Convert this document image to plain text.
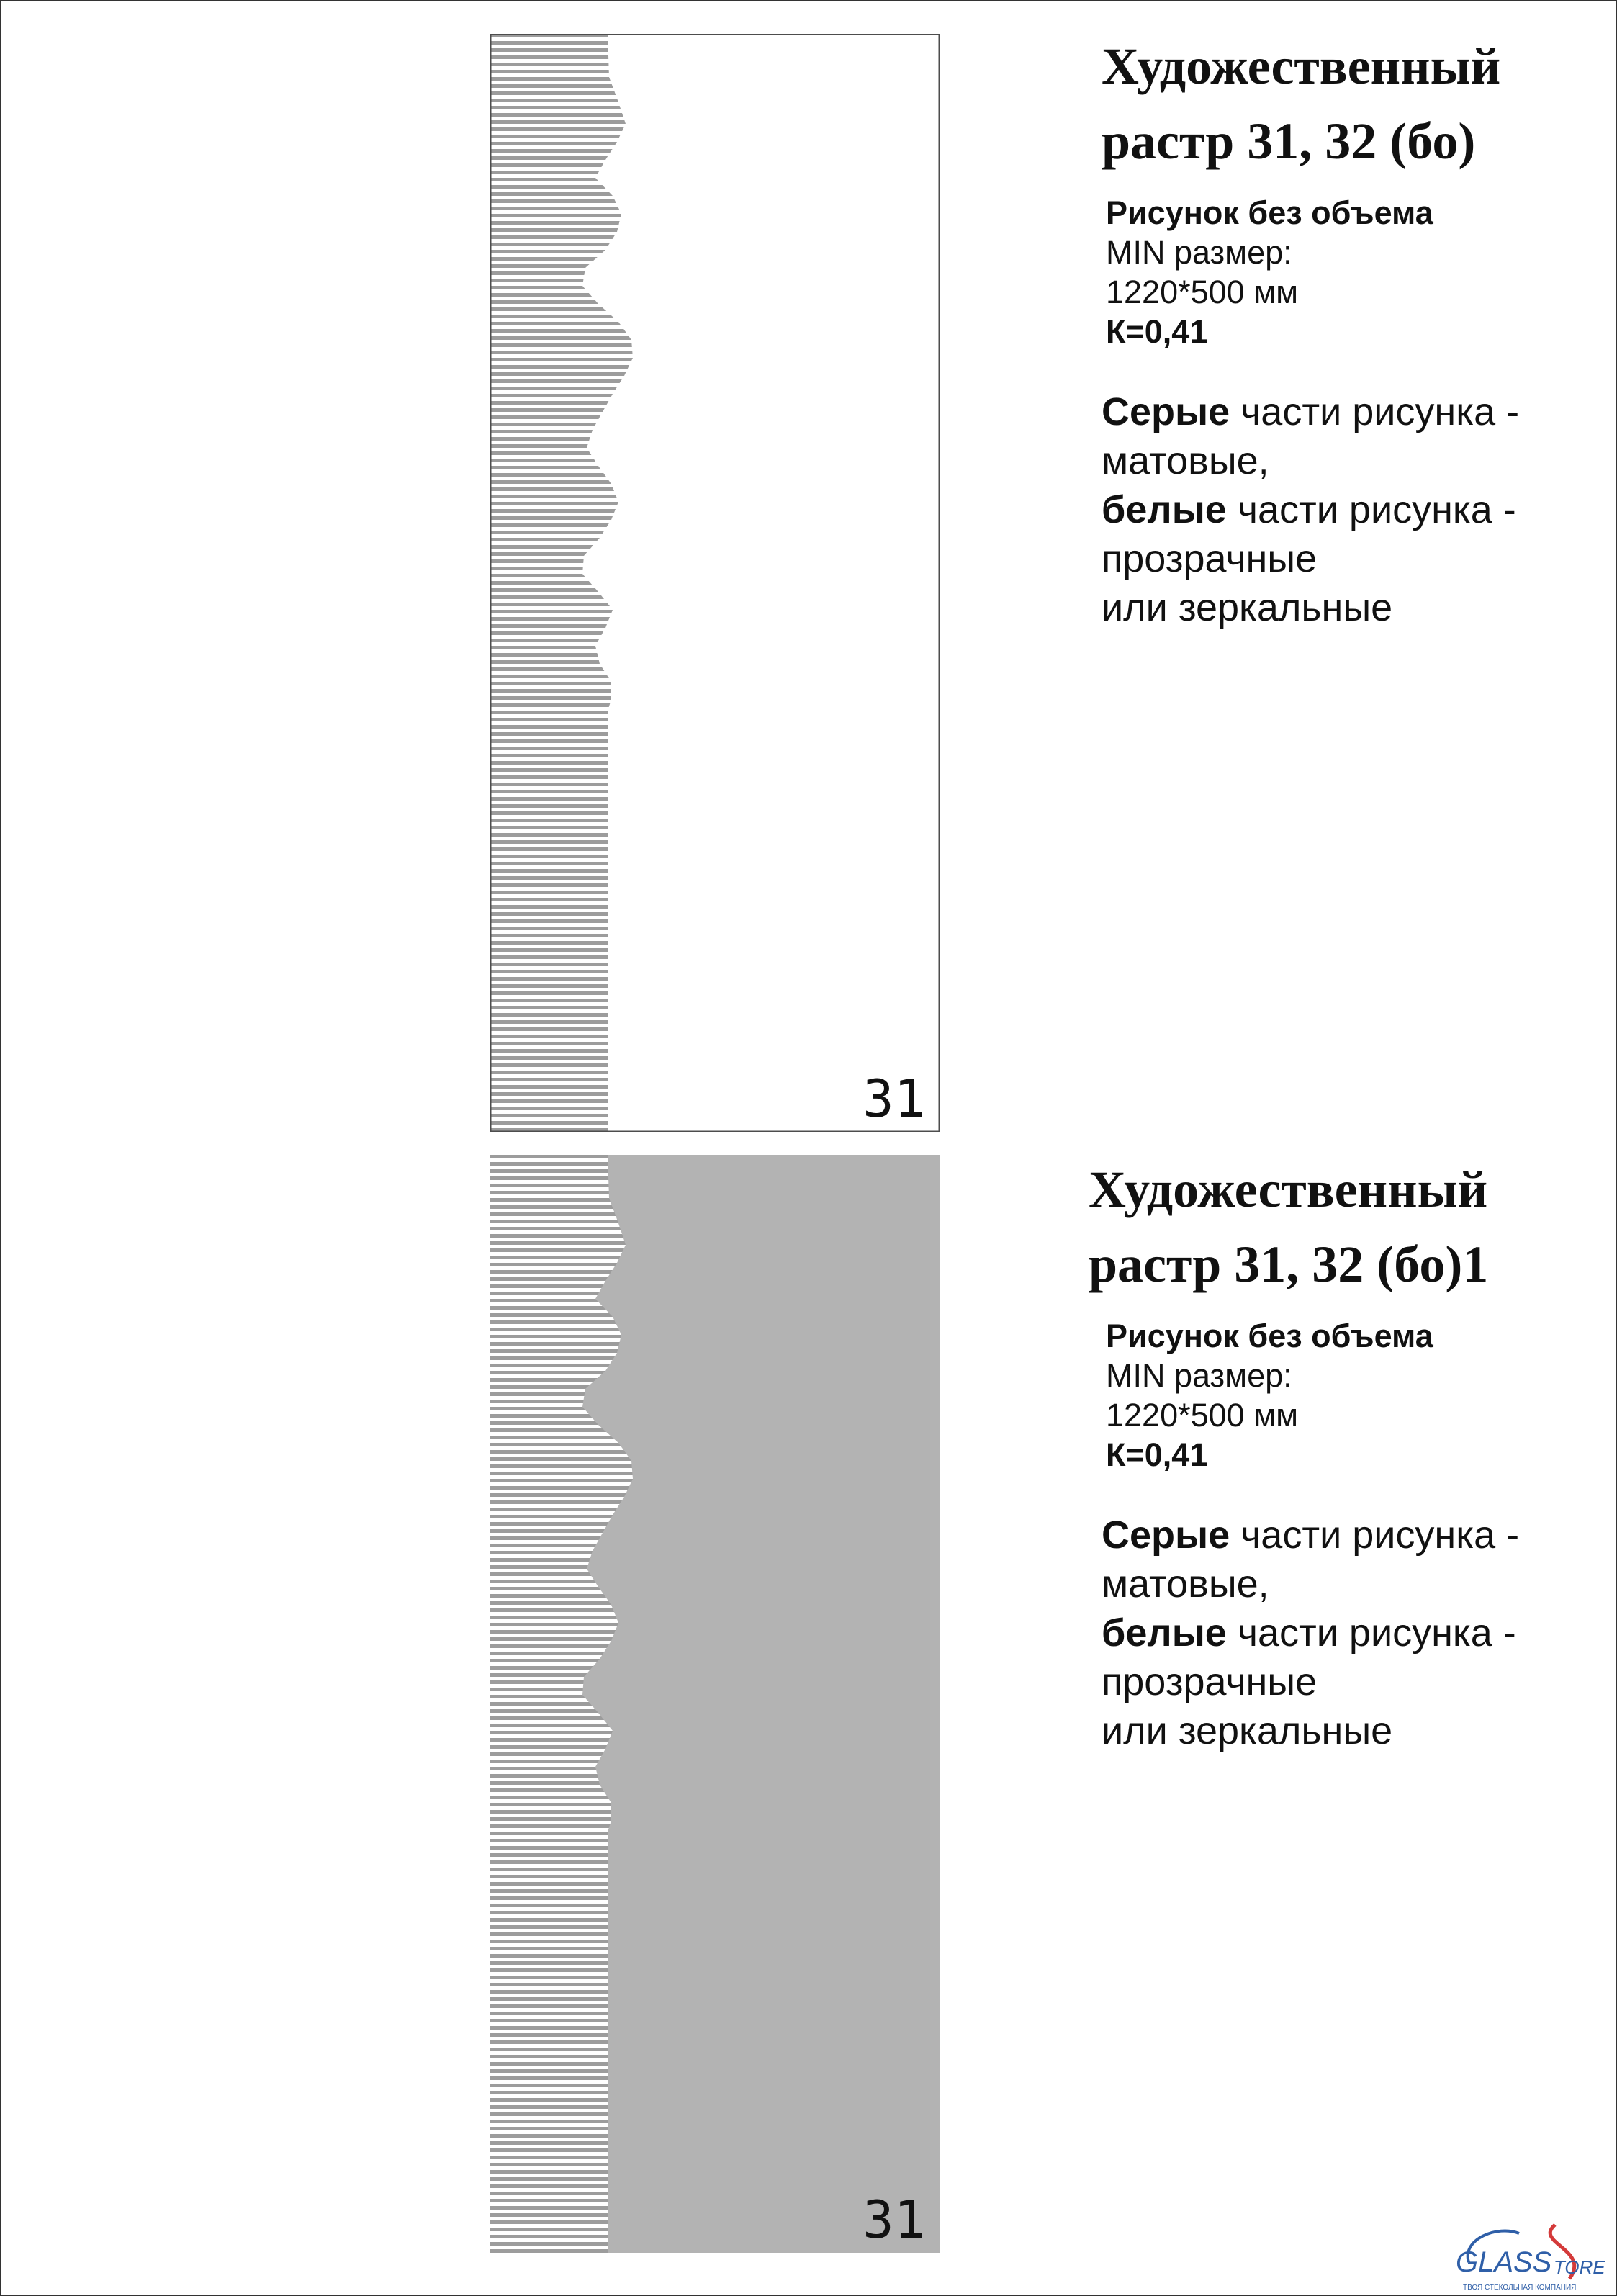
31
Художественный
растр 31, 32 (бо)
Рисунок без объема
MIN размер:
1220*500 мм
К=0,41
Серые части рисунка -
матовые,
белые части рисунка -
прозрачные
или зеркальные
31
Художественный
растр 31, 32 (бо)1
Рисунок без объема
MIN размер:
1220*500 мм
К=0,41
Серые части рисунка -
матовые,
белые части рисунка -
прозрачные
или зеркальные
GLASS TORE
ТВОЯ СТЕКОЛЬНАЯ КОМПАНИЯ
